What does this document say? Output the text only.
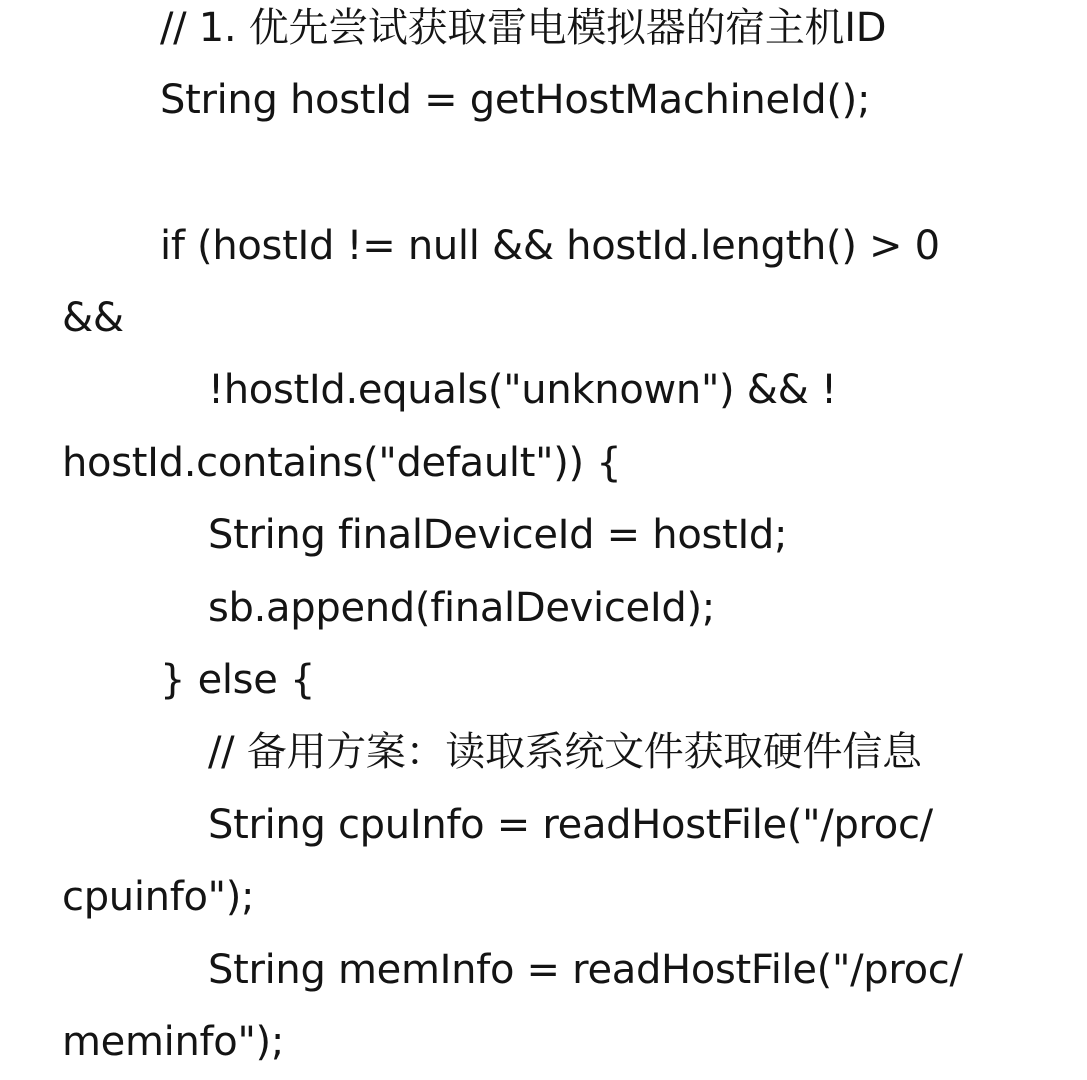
// 1. 优先尝试获取雷电模拟器的宿主机ID
String hostId = getHostMachineId();
if (hostId != null && hostId.length() > 0
&&
!hostId.equals("unknown") && !
hostId.contains("default")) {
String finalDeviceId = hostId;
sb.append(finalDeviceId);
} else {
// 备用方案：读取系统文件获取硬件信息
String cpuInfo = readHostFile("/proc/
cpuinfo");
String memInfo = readHostFile("/proc/
meminfo");
